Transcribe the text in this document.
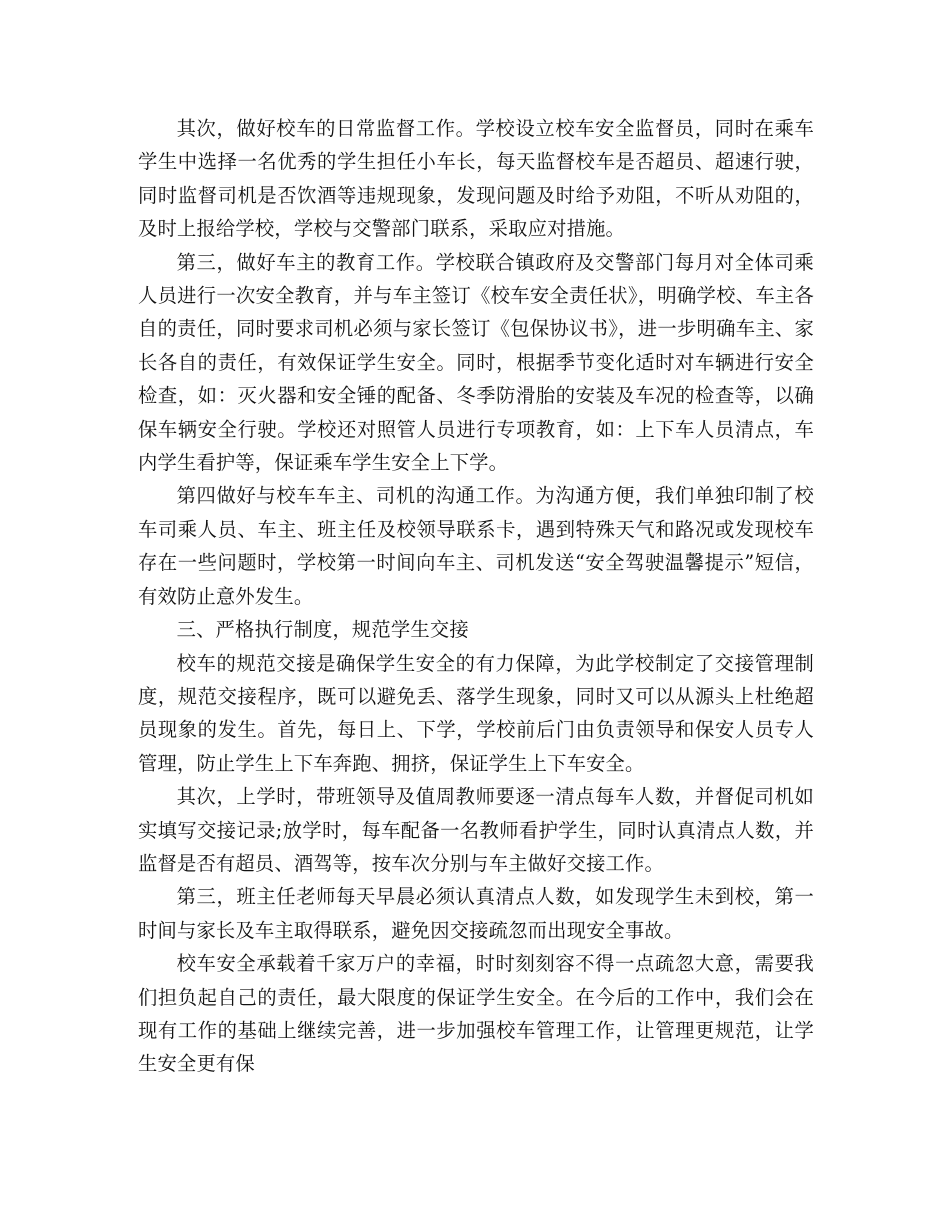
其次，做好校车的日常监督工作。学校设立校车安全监督员，同时在乘车学生中选择一名优秀的学生担任小车长，每天监督校车是否超员、超速行驶，同时监督司机是否饮酒等违规现象，发现问题及时给予劝阻，不听从劝阻的，及时上报给学校，学校与交警部门联系，采取应对措施。

第三，做好车主的教育工作。学校联合镇政府及交警部门每月对全体司乘人员进行一次安全教育，并与车主签订《校车安全责任状》，明确学校、车主各自的责任，同时要求司机必须与家长签订《包保协议书》，进一步明确车主、家长各自的责任，有效保证学生安全。同时，根据季节变化适时对车辆进行安全检查，如：灭火器和安全锤的配备、冬季防滑胎的安装及车况的检查等，以确保车辆安全行驶。学校还对照管人员进行专项教育，如：上下车人员清点，车内学生看护等，保证乘车学生安全上下学。

第四做好与校车车主、司机的沟通工作。为沟通方便，我们单独印制了校车司乘人员、车主、班主任及校领导联系卡，遇到特殊天气和路况或发现校车存在一些问题时，学校第一时间向车主、司机发送“安全驾驶温馨提示”短信，有效防止意外发生。

三、严格执行制度，规范学生交接

校车的规范交接是确保学生安全的有力保障，为此学校制定了交接管理制度，规范交接程序，既可以避免丢、落学生现象，同时又可以从源头上杜绝超员现象的发生。首先，每日上、下学，学校前后门由负责领导和保安人员专人管理，防止学生上下车奔跑、拥挤，保证学生上下车安全。

其次，上学时，带班领导及值周教师要逐一清点每车人数，并督促司机如实填写交接记录;放学时，每车配备一名教师看护学生，同时认真清点人数，并监督是否有超员、酒驾等，按车次分别与车主做好交接工作。

第三，班主任老师每天早晨必须认真清点人数，如发现学生未到校，第一时间与家长及车主取得联系，避免因交接疏忽而出现安全事故。

校车安全承载着千家万户的幸福，时时刻刻容不得一点疏忽大意，需要我们担负起自己的责任，最大限度的保证学生安全。在今后的工作中，我们会在现有工作的基础上继续完善，进一步加强校车管理工作，让管理更规范，让学生安全更有保
